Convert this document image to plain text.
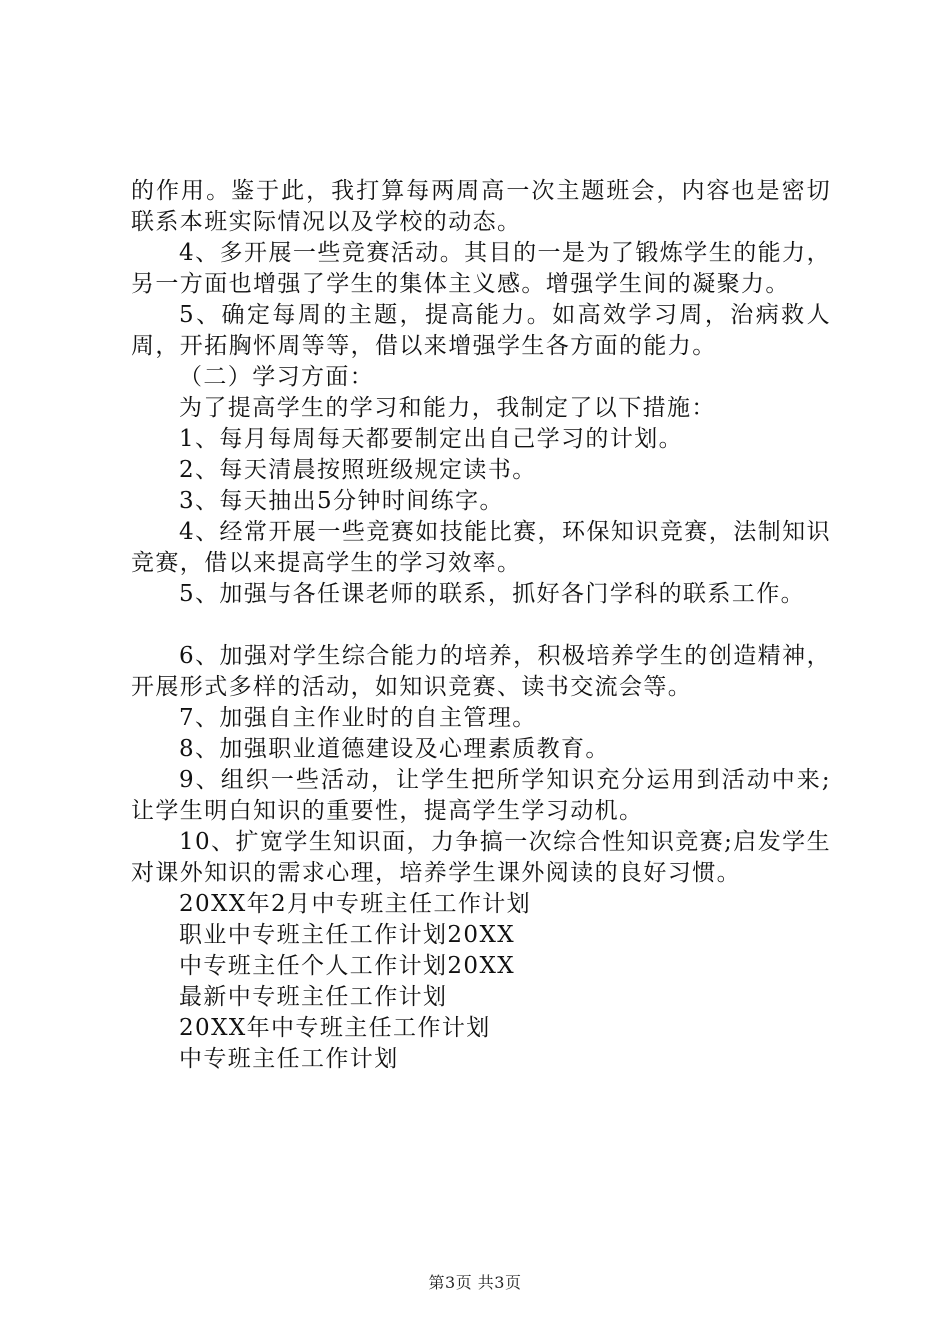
的作用。鉴于此，我打算每两周高一次主题班会，内容也是密切联系本班实际情况以及学校的动态。

4、多开展一些竞赛活动。其目的一是为了锻炼学生的能力，另一方面也增强了学生的集体主义感。增强学生间的凝聚力。

5、确定每周的主题，提高能力。如高效学习周，治病救人周，开拓胸怀周等等，借以来增强学生各方面的能力。

（二）学习方面：

为了提高学生的学习和能力，我制定了以下措施：

1、每月每周每天都要制定出自己学习的计划。

2、每天清晨按照班级规定读书。

3、每天抽出5分钟时间练字。

4、经常开展一些竞赛如技能比赛，环保知识竞赛，法制知识竞赛，借以来提高学生的学习效率。

5、加强与各任课老师的联系，抓好各门学科的联系工作。

6、加强对学生综合能力的培养，积极培养学生的创造精神，开展形式多样的活动，如知识竞赛、读书交流会等。

7、加强自主作业时的自主管理。

8、加强职业道德建设及心理素质教育。

9、组织一些活动，让学生把所学知识充分运用到活动中来;让学生明白知识的重要性，提高学生学习动机。

10、扩宽学生知识面，力争搞一次综合性知识竞赛;启发学生对课外知识的需求心理，培养学生课外阅读的良好习惯。

20XX年2月中专班主任工作计划

职业中专班主任工作计划20XX

中专班主任个人工作计划20XX

最新中专班主任工作计划

20XX年中专班主任工作计划

中专班主任工作计划

第3页 共3页
